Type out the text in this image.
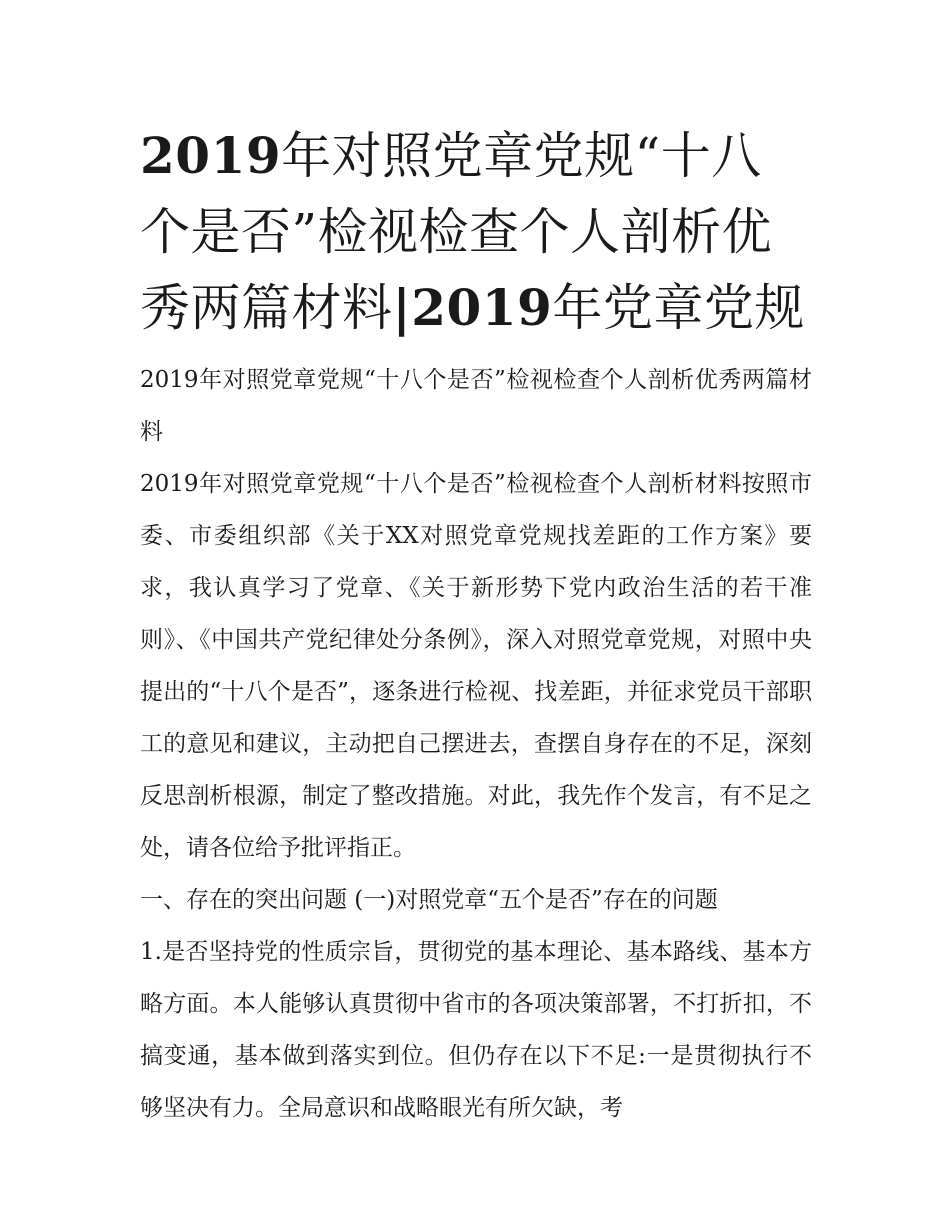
2019年对照党章党规“十八个是否”检视检查个人剖析优秀两篇材料|2019年党章党规

2019年对照党章党规“十八个是否”检视检查个人剖析优秀两篇材料

2019年对照党章党规“十八个是否”检视检查个人剖析材料按照市委、市委组织部《关于XX对照党章党规找差距的工作方案》要求，我认真学习了党章、《关于新形势下党内政治生活的若干准则》、《中国共产党纪律处分条例》，深入对照党章党规，对照中央提出的“十八个是否”，逐条进行检视、找差距，并征求党员干部职工的意见和建议，主动把自己摆进去，查摆自身存在的不足，深刻反思剖析根源，制定了整改措施。对此，我先作个发言，有不足之处，请各位给予批评指正。

一、存在的突出问题 (一)对照党章“五个是否”存在的问题

1.是否坚持党的性质宗旨，贯彻党的基本理论、基本路线、基本方略方面。本人能够认真贯彻中省市的各项决策部署，不打折扣，不搞变通，基本做到落实到位。但仍存在以下不足:一是贯彻执行不够坚决有力。全局意识和战略眼光有所欠缺，考
